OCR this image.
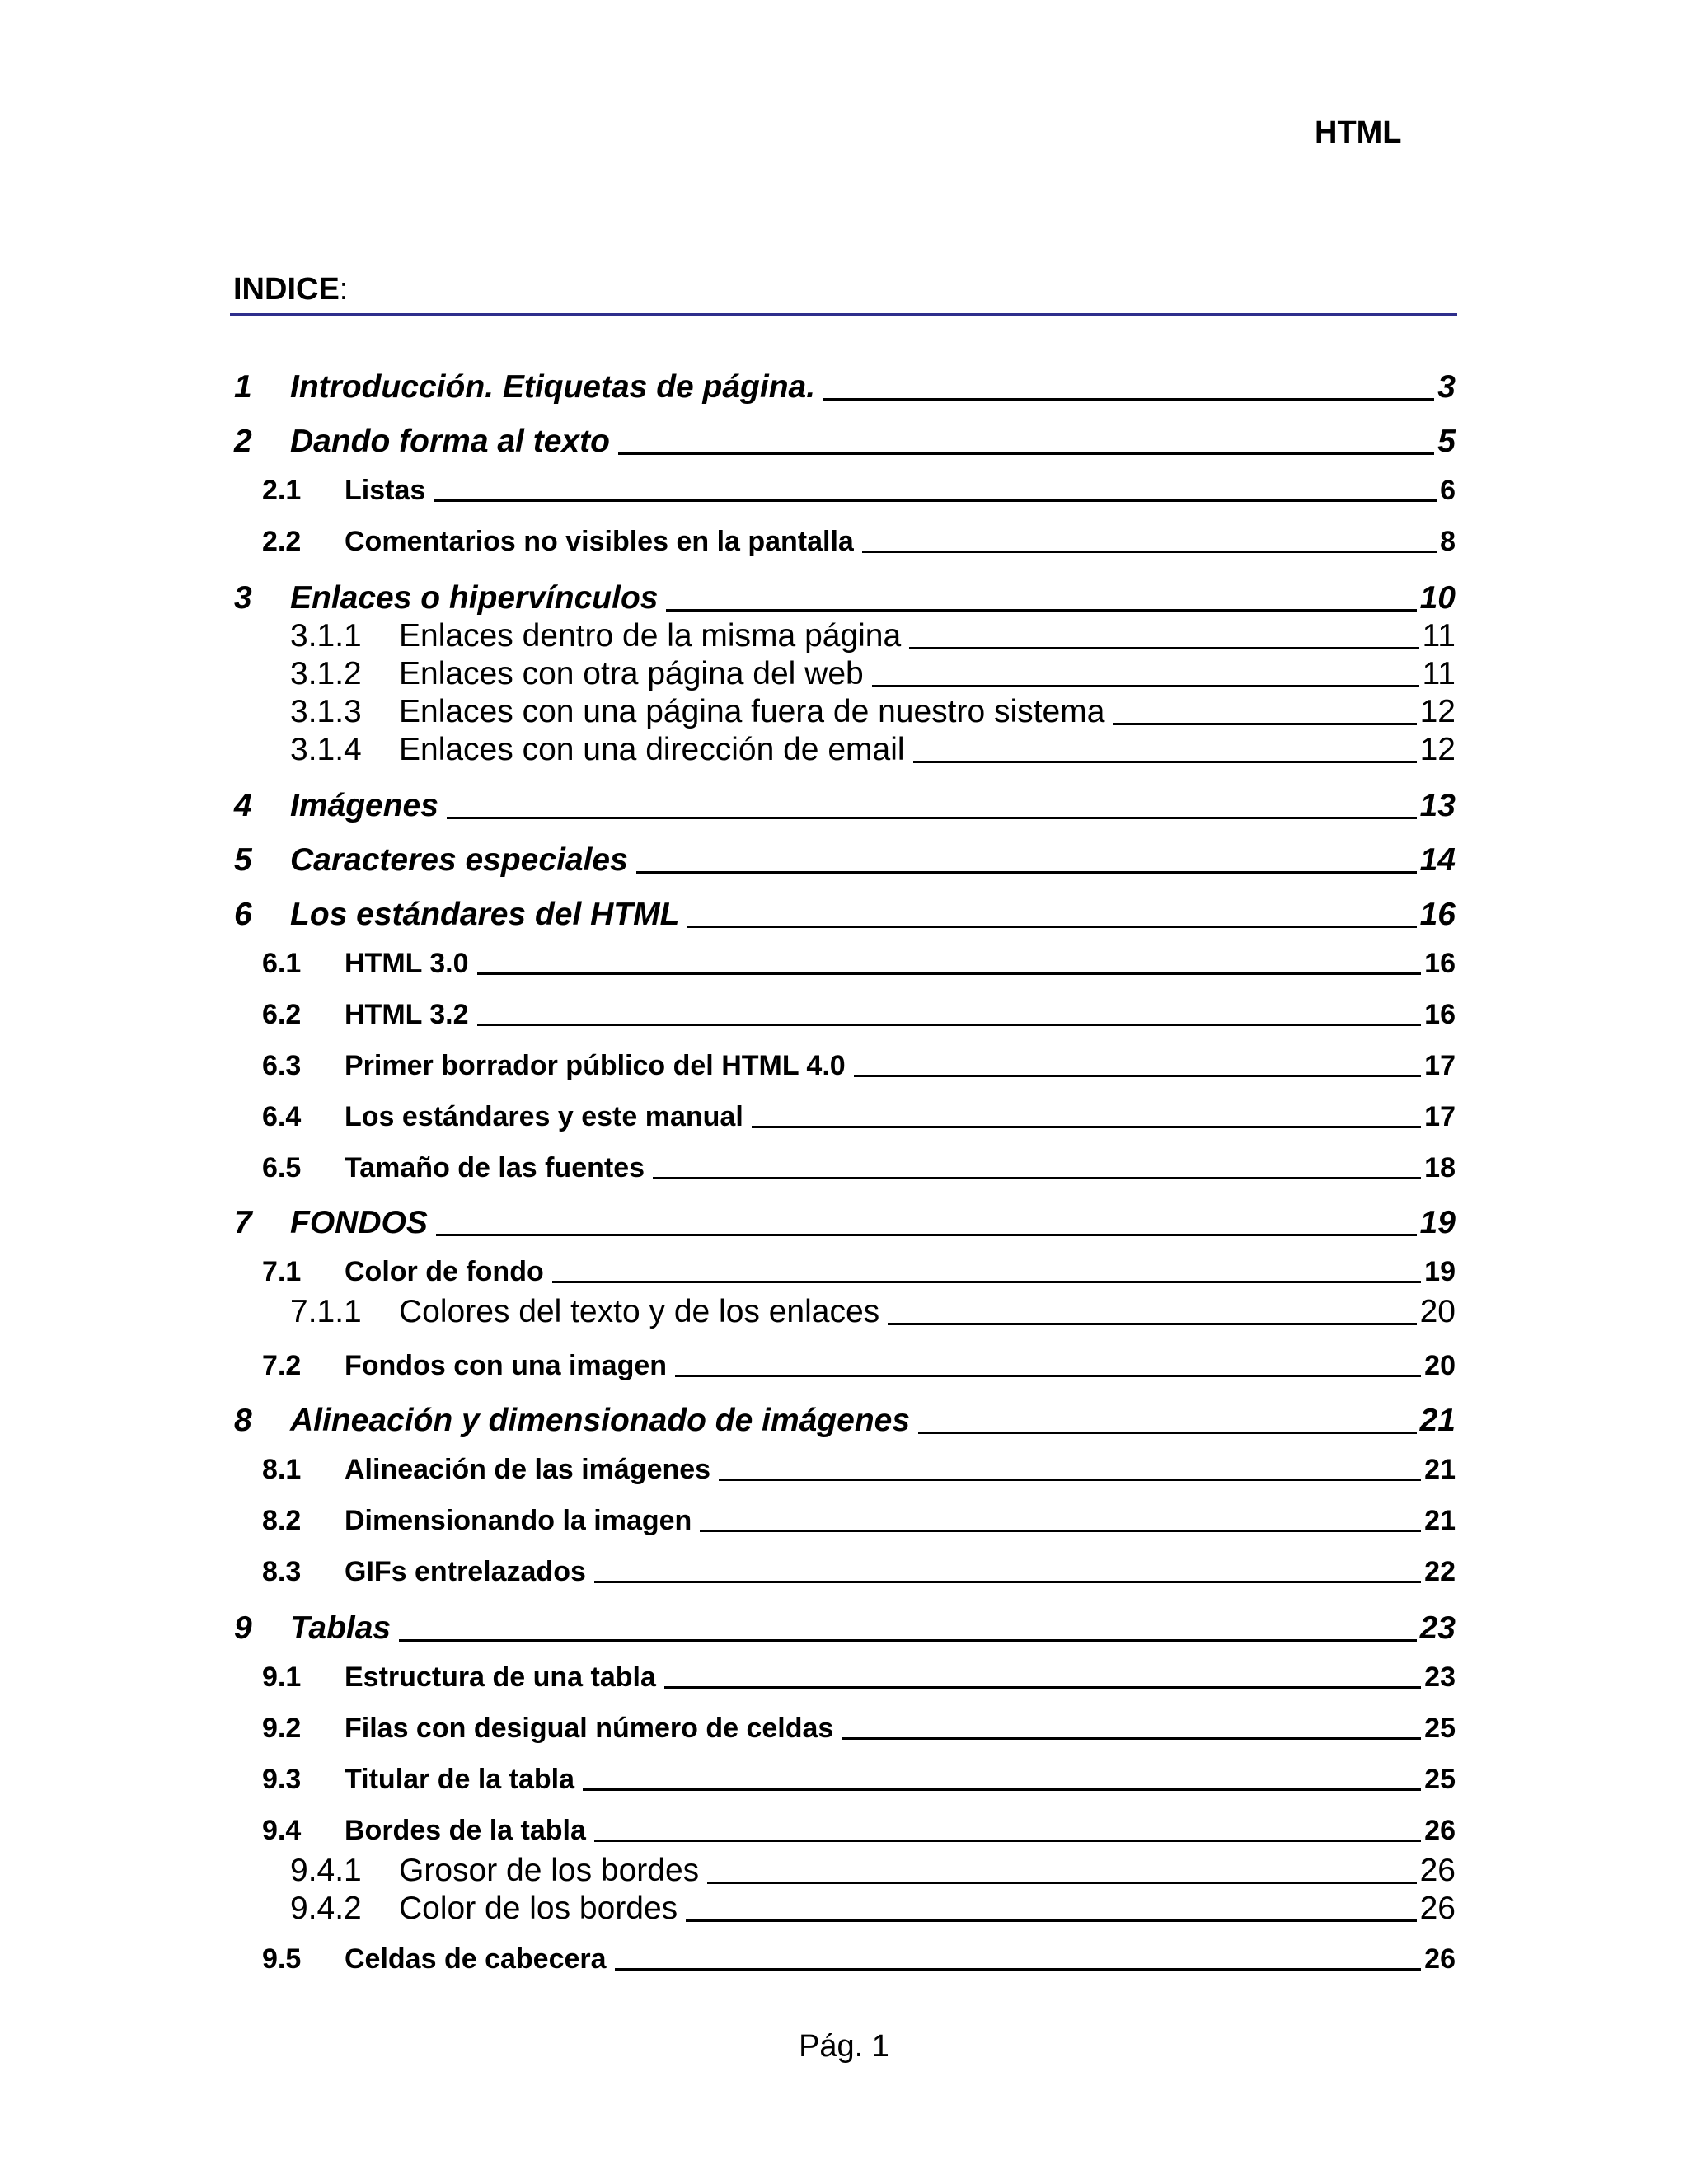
HTML
INDICE:
1	Introducción. Etiquetas de página.	3
2	Dando forma al texto	5
2.1	Listas	6
2.2	Comentarios no visibles en la pantalla	8
3	Enlaces o hipervínculos	10
3.1.1	Enlaces dentro de la misma página	11
3.1.2	Enlaces con otra página del web	11
3.1.3	Enlaces con una página fuera de nuestro sistema	12
3.1.4	Enlaces con una dirección de email	12
4	Imágenes	13
5	Caracteres especiales	14
6	Los estándares del HTML	16
6.1	HTML 3.0	16
6.2	HTML 3.2	16
6.3	Primer borrador público del HTML 4.0	17
6.4	Los estándares y este manual	17
6.5	Tamaño de las fuentes	18
7	FONDOS	19
7.1	Color de fondo	19
7.1.1	Colores del texto y de los enlaces	20
7.2	Fondos con una imagen	20
8	Alineación y dimensionado de imágenes	21
8.1	Alineación de las imágenes	21
8.2	Dimensionando la imagen	21
8.3	GIFs entrelazados	22
9	Tablas	23
9.1	Estructura de una tabla	23
9.2	Filas con desigual número de celdas	25
9.3	Titular de la tabla	25
9.4	Bordes de la tabla	26
9.4.1	Grosor de los bordes	26
9.4.2	Color de los bordes	26
9.5	Celdas de cabecera	26
Pág. 1
